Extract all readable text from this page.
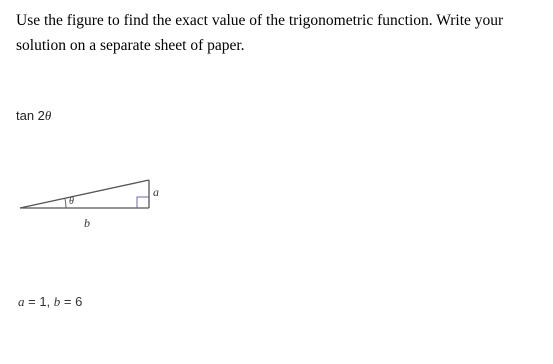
Use the figure to find the exact value of the trigonometric function. Write your solution on a separate sheet of paper.

tan 2θ
θ
a
b
a = 1, b = 6
